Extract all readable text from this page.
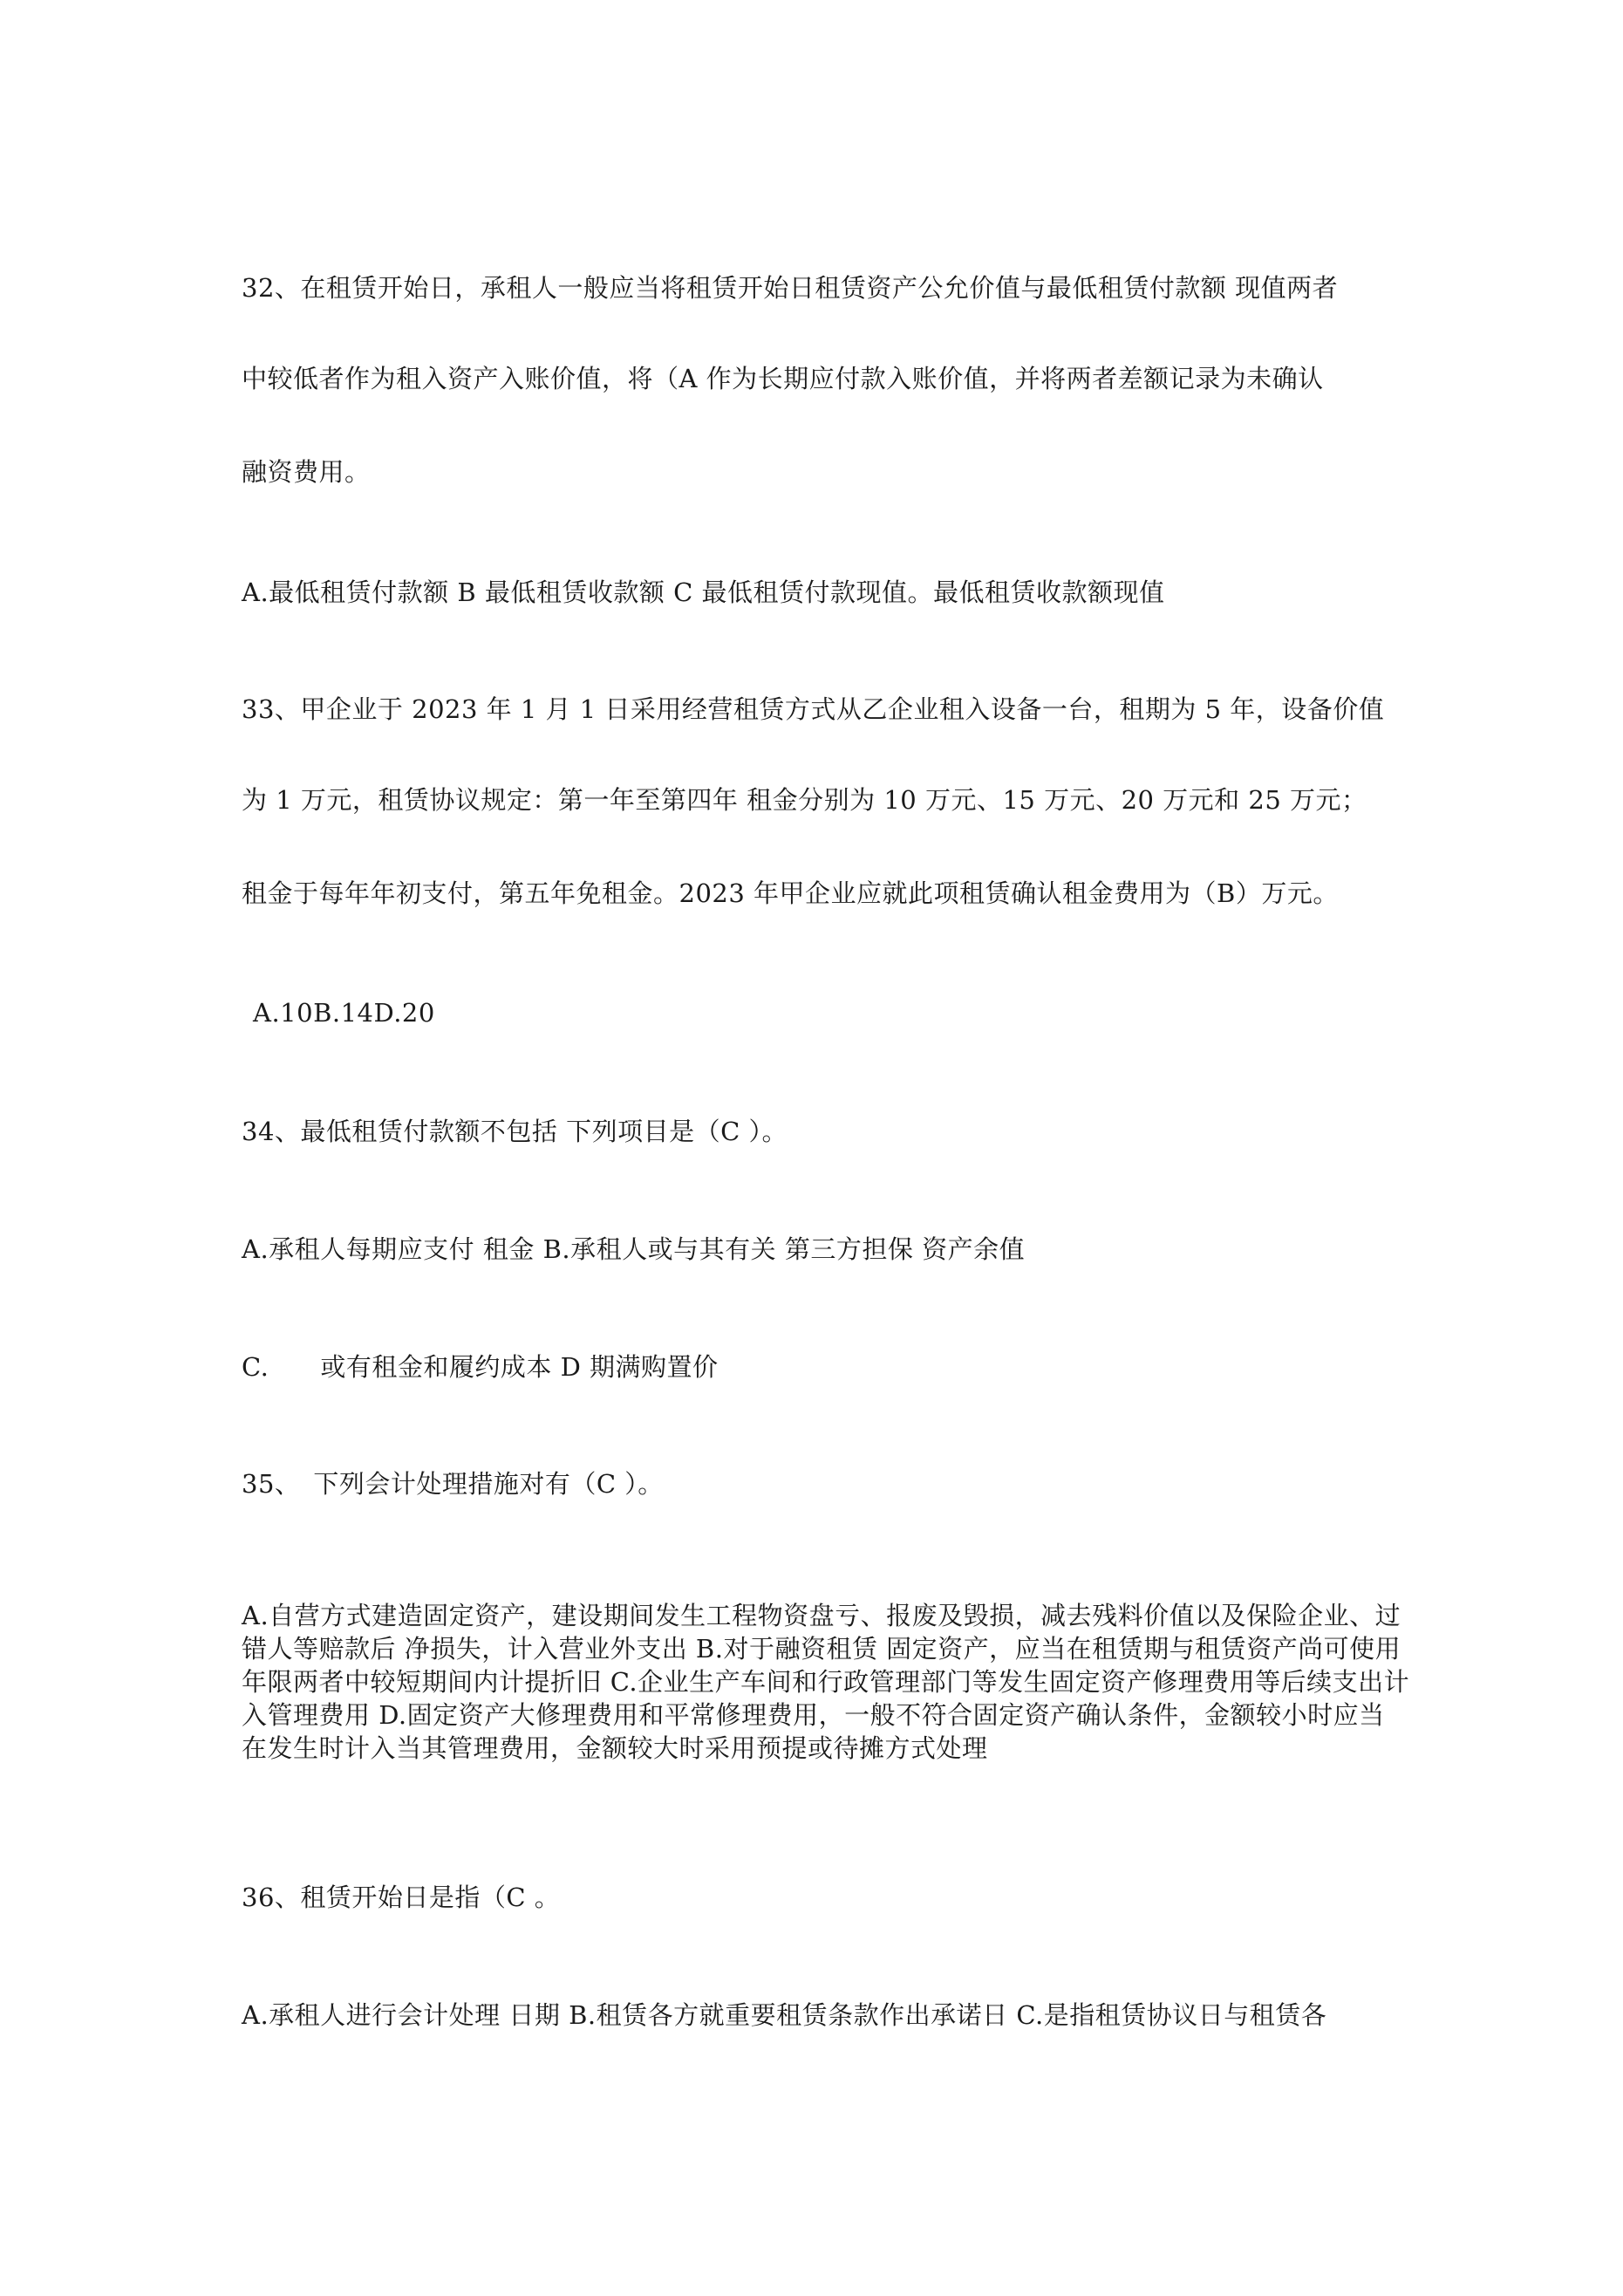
32、在租赁开始日，承租人一般应当将租赁开始日租赁资产公允价值与最低租赁付款额 现值两者
中较低者作为租入资产入账价值，将（A 作为长期应付款入账价值，并将两者差额记录为未确认
融资费用。
A.最低租赁付款额 B 最低租赁收款额 C 最低租赁付款现值。最低租赁收款额现值
33、甲企业于 2023 年 1 月 1 日采用经营租赁方式从乙企业租入设备一台，租期为 5 年，设备价值
为 1 万元，租赁协议规定：第一年至第四年 租金分别为 10 万元、15 万元、20 万元和 25 万元；
租金于每年年初支付，第五年免租金。2023 年甲企业应就此项租赁确认租金费用为（B）万元。
A.10B.14D.20
34、最低租赁付款额不包括 下列项目是（C ）。
A.承租人每期应支付 租金 B.承租人或与其有关 第三方担保 资产余值
C.　　或有租金和履约成本 D 期满购置价
35、　下列会计处理措施对有（C ）。
A.自营方式建造固定资产，建设期间发生工程物资盘亏、报废及毁损，减去残料价值以及保险企业、过错人等赔款后 净损失，计入营业外支出 B.对于融资租赁 固定资产，应当在租赁期与租赁资产尚可使用年限两者中较短期间内计提折旧 C.企业生产车间和行政管理部门等发生固定资产修理费用等后续支出计入管理费用 D.固定资产大修理费用和平常修理费用，一般不符合固定资产确认条件，金额较小时应当在发生时计入当其管理费用，金额较大时采用预提或待摊方式处理
36、租赁开始日是指（C 。
A.承租人进行会计处理 日期 B.租赁各方就重要租赁条款作出承诺日 C.是指租赁协议日与租赁各
